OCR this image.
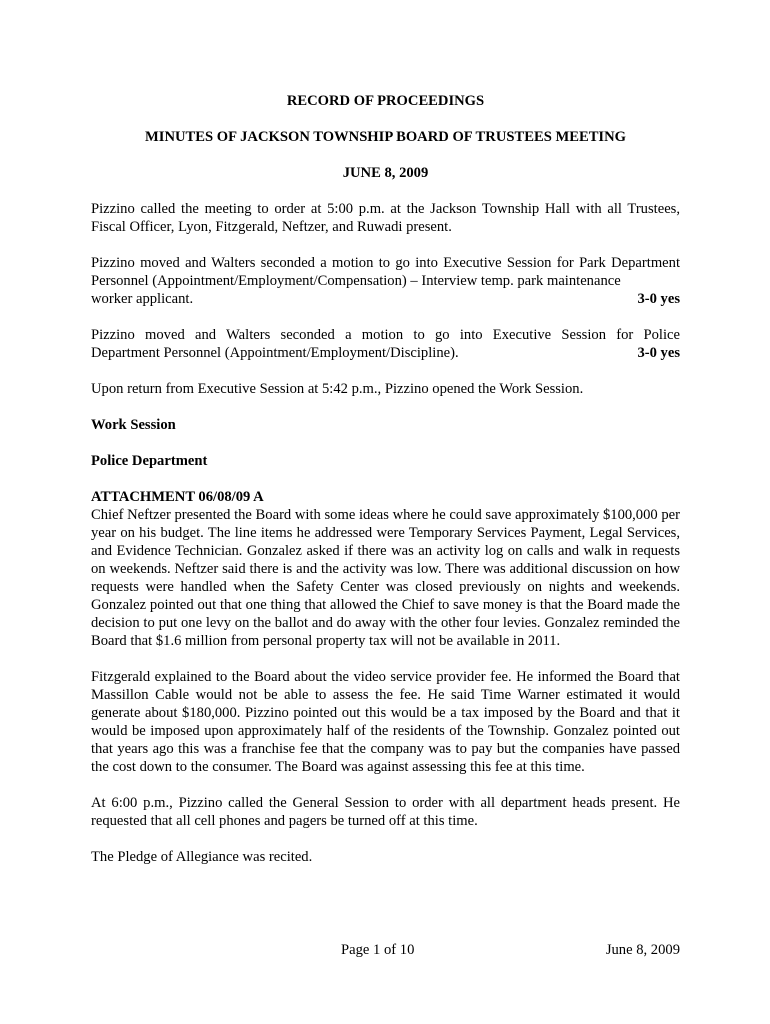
RECORD OF PROCEEDINGS
MINUTES OF JACKSON TOWNSHIP BOARD OF TRUSTEES MEETING
JUNE 8, 2009

Pizzino called the meeting to order at 5:00 p.m. at the Jackson Township Hall with all Trustees, Fiscal Officer, Lyon, Fitzgerald, Neftzer, and Ruwadi present.

Pizzino moved and Walters seconded a motion to go into Executive Session for Park Department Personnel (Appointment/Employment/Compensation) – Interview temp. park maintenance

worker applicant.	3-0 yes

Pizzino moved and Walters seconded a motion to go into Executive Session for Police

Department Personnel (Appointment/Employment/Discipline).	3-0 yes

Upon return from Executive Session at 5:42 p.m., Pizzino opened the Work Session.

Work Session
Police Department
ATTACHMENT 06/08/09 A

Chief Neftzer presented the Board with some ideas where he could save approximately $100,000 per year on his budget. The line items he addressed were Temporary Services Payment, Legal Services, and Evidence Technician. Gonzalez asked if there was an activity log on calls and walk in requests on weekends. Neftzer said there is and the activity was low. There was additional discussion on how requests were handled when the Safety Center was closed previously on nights and weekends. Gonzalez pointed out that one thing that allowed the Chief to save money is that the Board made the decision to put one levy on the ballot and do away with the other four levies. Gonzalez reminded the Board that $1.6 million from personal property tax will not be available in 2011.

Fitzgerald explained to the Board about the video service provider fee. He informed the Board that Massillon Cable would not be able to assess the fee. He said Time Warner estimated it would generate about $180,000. Pizzino pointed out this would be a tax imposed by the Board and that it would be imposed upon approximately half of the residents of the Township. Gonzalez pointed out that years ago this was a franchise fee that the company was to pay but the companies have passed the cost down to the consumer. The Board was against assessing this fee at this time.

At 6:00 p.m., Pizzino called the General Session to order with all department heads present. He requested that all cell phones and pagers be turned off at this time.

The Pledge of Allegiance was recited.

Page 1 of 10	June 8, 2009
